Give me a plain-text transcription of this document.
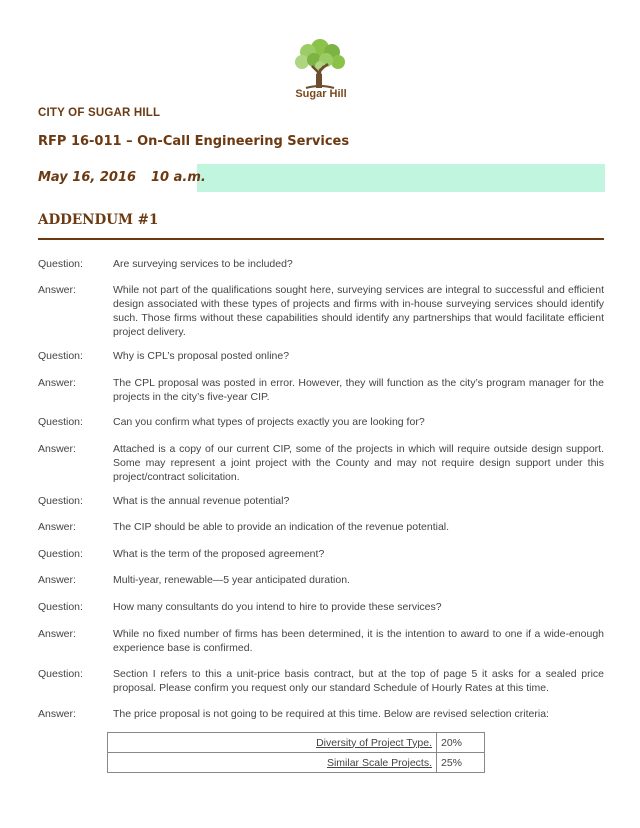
Sugar Hill
CITY OF SUGAR HILL
RFP 16-011 – On-Call Engineering Services
May 16, 2016 10 a.m.
ADDENDUM #1
Question:	Are surveying services to be included?
Answer:	While not part of the qualifications sought here, surveying services are integral to successful and efficient design associated with these types of projects and firms with in-house surveying services should identify such. Those firms without these capabilities should identify any partnerships that would facilitate efficient project delivery.
Question:	Why is CPL’s proposal posted online?
Answer:	The CPL proposal was posted in error. However, they will function as the city’s program manager for the projects in the city’s five-year CIP.
Question:	Can you confirm what types of projects exactly you are looking for?
Answer:	Attached is a copy of our current CIP, some of the projects in which will require outside design support. Some may represent a joint project with the County and may not require design support under this project/contract solicitation.
Question:	What is the annual revenue potential?
Answer:	The CIP should be able to provide an indication of the revenue potential.
Question:	What is the term of the proposed agreement?
Answer:	Multi-year, renewable—5 year anticipated duration.
Question:	How many consultants do you intend to hire to provide these services?
Answer:	While no fixed number of firms has been determined, it is the intention to award to one if a wide-enough experience base is confirmed.
Question:	Section I refers to this a unit-price basis contract, but at the top of page 5 it asks for a sealed price proposal. Please confirm you request only our standard Schedule of Hourly Rates at this time.
Answer:	The price proposal is not going to be required at this time. Below are revised selection criteria:
Diversity of Project Type.	20%
Similar Scale Projects.	25%
